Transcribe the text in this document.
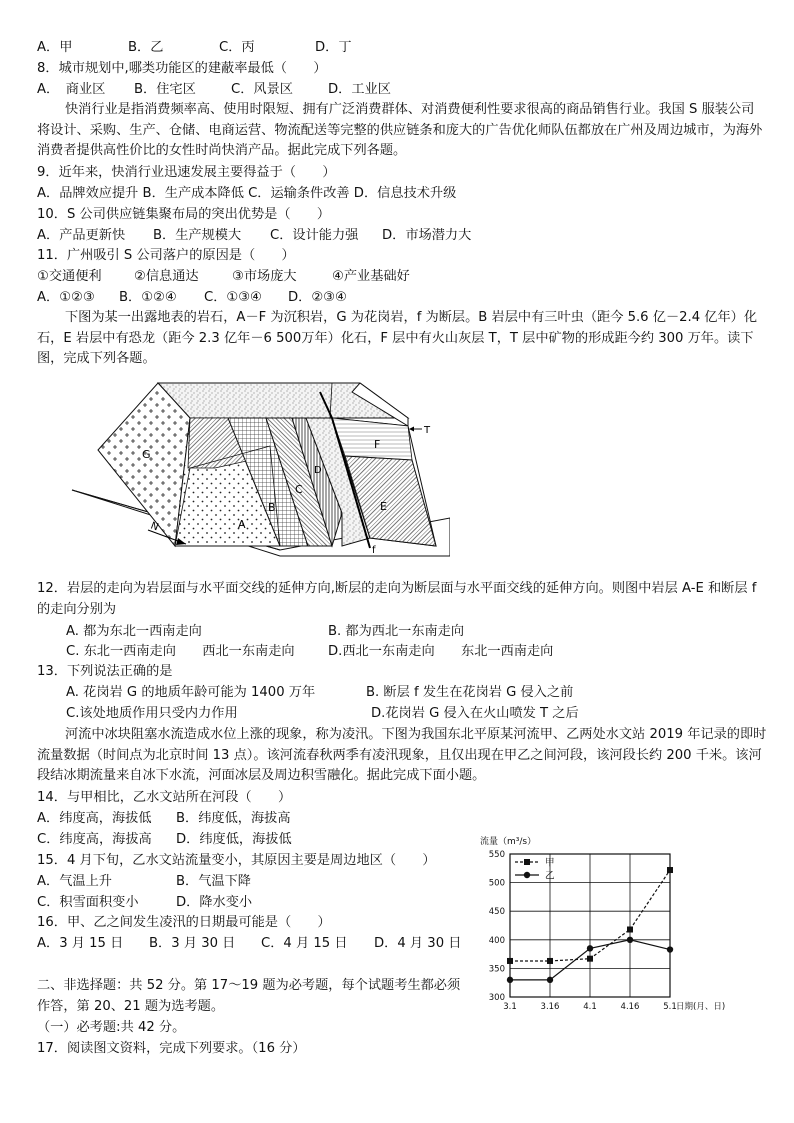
A．甲	B．乙	C．丙	D．丁
8．城市规划中,哪类功能区的建蔽率最低（　　）
A．　商业区 B．住宅区	C．风景区	D．工业区
快消行业是指消费频率高、使用时限短、拥有广泛消费群体、对消费便利性要求很高的商品销售行业。我国 S 服装公司将设计、采购、生产、仓储、电商运营、物流配送等完整的供应链条和庞大的广告优化师队伍都放在广州及周边城市，为海外消费者提供高性价比的女性时尚快消产品。据此完成下列各题。
9．近年来，快消行业迅速发展主要得益于（　　）
A．品牌效应提升 B．生产成本降低 C．运输条件改善 D．信息技术升级
10．S 公司供应链集聚布局的突出优势是（　　）
A．产品更新快 B．生产规模大 C．设计能力强 D．市场潜力大
11．广州吸引 S 公司落户的原因是（　　）
①交通便利 ②信息通达	③市场庞大	④产业基础好
A．①②③ B．①②④ C．①③④ D．②③④
下图为某一出露地表的岩石，A－F 为沉积岩，G 为花岗岩，f 为断层。B 岩层中有三叶虫（距今 5.6 亿－2.4 亿年）化石，E 岩层中有恐龙（距今 2.3 亿年－6 500万年）化石，F 层中有火山灰层 T，T 层中矿物的形成距今约 300 万年。读下图，完成下列各题。
G
A
B
C
D
F
E
f
T
N
12．岩层的走向为岩层面与水平面交线的延伸方向,断层的走向为断层面与水平面交线的延伸方向。则图中岩层 A-E 和断层 f 的走向分别为
A. 都为东北一西南走向	B. 都为西北一东南走向
C. 东北一西南走向　　西北一东南走向	D.西北一东南走向　　东北一西南走向
13．下列说法正确的是
A. 花岗岩 G 的地质年龄可能为 1400 万年	B. 断层 f 发生在花岗岩 G 侵入之前
C.该处地质作用只受内力作用	D.花岗岩 G 侵入在火山喷发 T 之后
河流中冰块阻塞水流造成水位上涨的现象，称为凌汛。下图为我国东北平原某河流甲、乙两处水文站 2019 年记录的即时流量数据（时间点为北京时间 13 点）。该河流春秋两季有凌汛现象，且仅出现在甲乙之间河段，该河段长约 200 千米。该河段结冰期流量来自冰下水流，河面冰层及周边积雪融化。据此完成下面小题。
14．与甲相比，乙水文站所在河段（　　）
A．纬度高，海拔低 B．纬度低，海拔高
C．纬度高，海拔高 D．纬度低，海拔低
15．4 月下旬，乙水文站流量变小，其原因主要是周边地区（　　）
A．气温上升	B．气温下降
C．积雪面积变小	D．降水变小
16．甲、乙之间发生凌汛的日期最可能是（　　）
A．3 月 15 日 B．3 月 30 日 C．4 月 15 日 D．4 月 30 日
二、非选择题：共 52 分。第 17～19 题为必考题，每个试题考生都必须作答，第 20、21 题为选考题。
（一）必考题:共 42 分。
17．阅读图文资料，完成下列要求。（16 分）
300
350
400
450
500
550
3.1	3.16	4.1	4.16	5.1
流量（m³/s）
日期(月、日)
甲
乙
